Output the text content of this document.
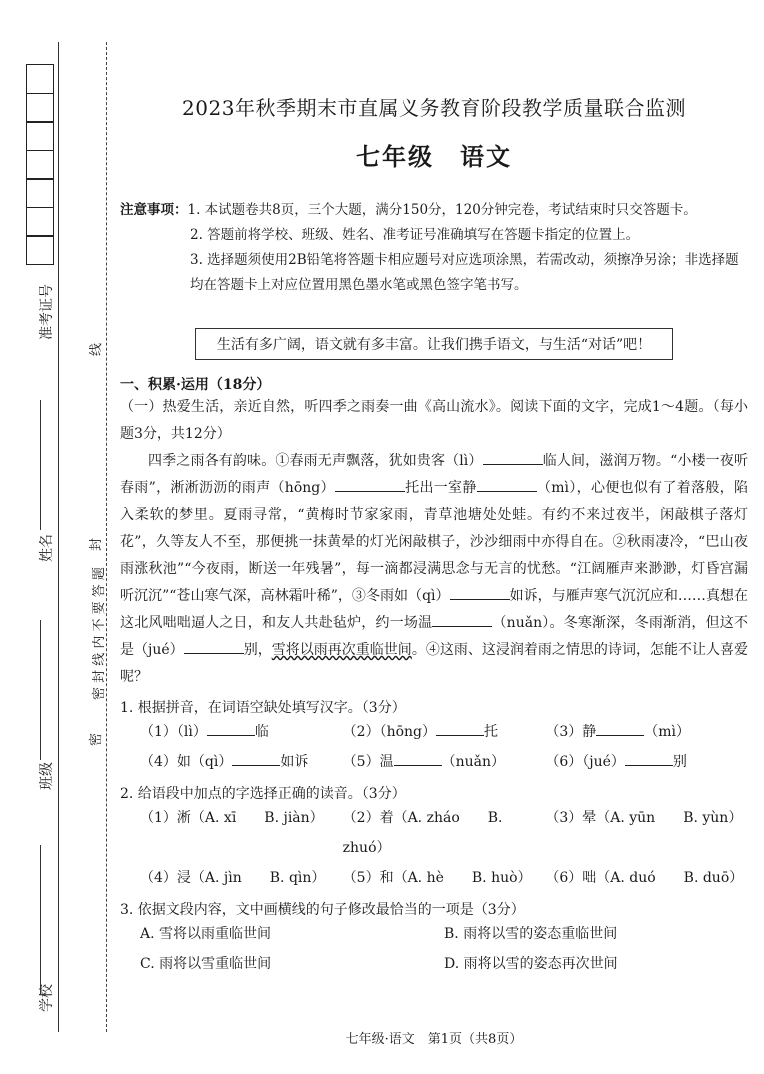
准考证号
姓名
班级
学校
线
封
密
密 封 线 内 不 要 答 题

2023年秋季期末市直属义务教育阶段教学质量联合监测

七年级　语文

注意事项：1. 本试题卷共8页，三个大题，满分150分，120分钟完卷，考试结束时只交答题卡。
2. 答题前将学校、班级、姓名、准考证号准确填写在答题卡指定的位置上。
3. 选择题须使用2B铅笔将答题卡相应题号对应选项涂黑，若需改动，须擦净另涂；非选择题均在答题卡上对应位置用黑色墨水笔或黑色签字笔书写。
生活有多广阔，语文就有多丰富。让我们携手语文，与生活“对话”吧！
一、积累·运用（18分）

（一）热爱生活，亲近自然，听四季之雨奏一曲《高山流水》。阅读下面的文字，完成1～4题。（每小题3分，共12分）

四季之雨各有韵味。①春雨无声飘落，犹如贵客（lì）	临人间，滋润万物。“小楼一夜听春雨”，淅淅沥沥的雨声（hōng）	托出一室静	（mì），心便也似有了着落般，陷入柔软的梦里。夏雨寻常，“黄梅时节家家雨，青草池塘处处蛙。有约不来过夜半，闲敲棋子落灯花”，久等友人不至，那便挑一抹黄晕的灯光闲敲棋子，沙沙细雨中亦得自在。②秋雨凄冷，“巴山夜雨涨秋池”“今夜雨，断送一年残暑”，每一滴都浸满思念与无言的忧愁。“江阔雁声来渺渺，灯昏宫漏听沉沉”“苍山寒气深，高林霜叶稀”，③冬雨如（qì）	如诉，与雁声寒气沉沉应和……真想在这北风咄咄逼人之日，和友人共赴毡炉，约一场温	（nuǎn）。冬寒渐深，冬雨渐消，但这不是（jué）	别，雪将以雨再次重临世间。④这雨、这浸润着雨之情思的诗词，怎能不让人喜爱呢？

1. 根据拼音，在词语空缺处填写汉字。（3分）
（1）（lì）	临	（2）（hōng）	托	（3）静	（mì）
（4）如（qì）	如诉	（5）温	（nuǎn）	（6）（jué）	别
2. 给语段中加点的字选择正确的读音。（3分）
（1）淅（A. xī　　B. jiàn）	（2）着（A. zháo　　B. zhuó）
（3）晕（A. yūn　　B. yùn）
（4）浸（A. jìn　　B. qìn）	（5）和（A. hè　　B. huò） （6）咄（A. duó　　B. duō）
3. 依据文段内容，文中画横线的句子修改最恰当的一项是（3分）
A. 雪将以雨重临世间	B. 雨将以雪的姿态重临世间
C. 雨将以雪重临世间	D. 雨将以雪的姿态再次世间
七年级·语文　第1页（共8页）
